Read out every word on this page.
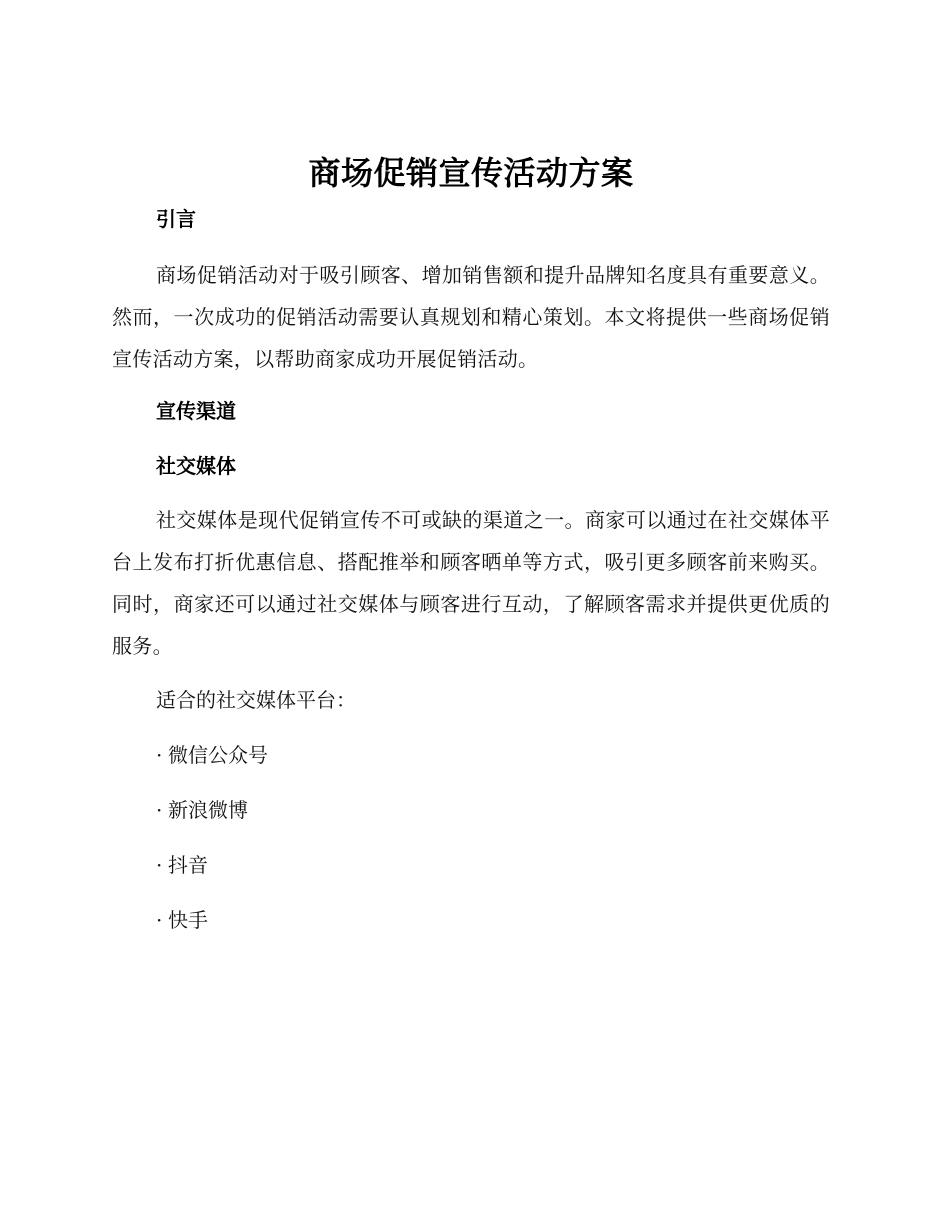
商场促销宣传活动方案
引言

商场促销活动对于吸引顾客、增加销售额和提升品牌知名度具有重要意义。然而，一次成功的促销活动需要认真规划和精心策划。本文将提供一些商场促销宣传活动方案，以帮助商家成功开展促销活动。

宣传渠道
社交媒体

社交媒体是现代促销宣传不可或缺的渠道之一。商家可以通过在社交媒体平台上发布打折优惠信息、搭配推举和顾客晒单等方式，吸引更多顾客前来购买。同时，商家还可以通过社交媒体与顾客进行互动，了解顾客需求并提供更优质的服务。

适合的社交媒体平台：

· 微信公众号
· 新浪微博
· 抖音
· 快手
